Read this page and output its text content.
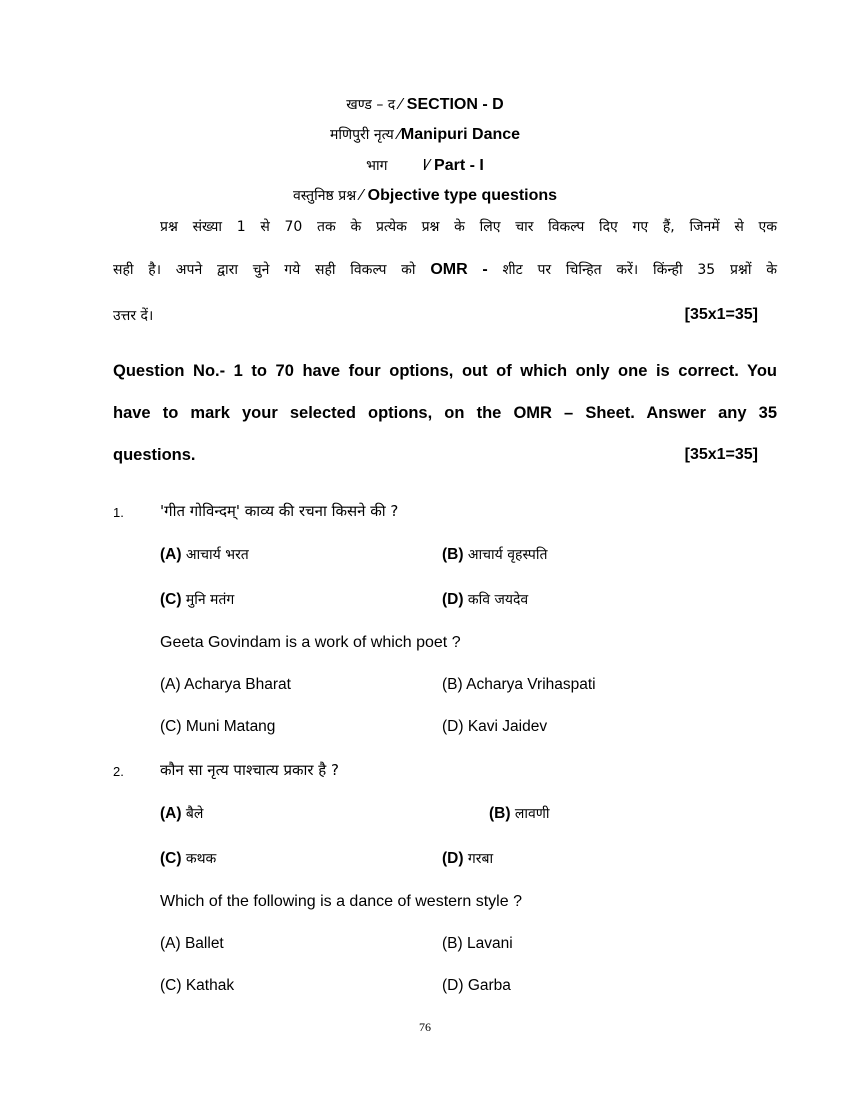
खण्ड – द ⁄ SECTION - D
मणिपुरी नृत्य ⁄Manipuri Dance
भाग I⁄ Part - I
वस्तुनिष्ठ प्रश्न ⁄ Objective type questions
प्रश्न संख्या 1 से 70 तक के प्रत्येक प्रश्न के लिए चार विकल्प दिए गए हैं, जिनमें से एक
सही है। अपने द्वारा चुने गये सही विकल्प को OMR - शीट पर चिन्हित करें। किंन्ही 35 प्रश्नों के
उत्तर दें।	[35x1=35]
Question No.- 1 to 70 have four options, out of which only one is correct. You
have to mark your selected options, on the OMR – Sheet. Answer any 35
questions.	[35x1=35]
1. 'गीत गोविन्दम्' काव्य की रचना किसने की ?
(A) आचार्य भरत	(B) आचार्य वृहस्पति
(C) मुनि मतंग	(D) कवि जयदेव
Geeta Govindam is a work of which poet ?
(A) Acharya Bharat	(B) Acharya Vrihaspati
(C) Muni Matang	(D) Kavi Jaidev
2. कौन सा नृत्य पाश्चात्य प्रकार है ?
(A) बैले	(B) लावणी
(C) कथक	(D) गरबा
Which of the following is a dance of western style ?
(A) Ballet	(B) Lavani
(C) Kathak	(D) Garba
76
